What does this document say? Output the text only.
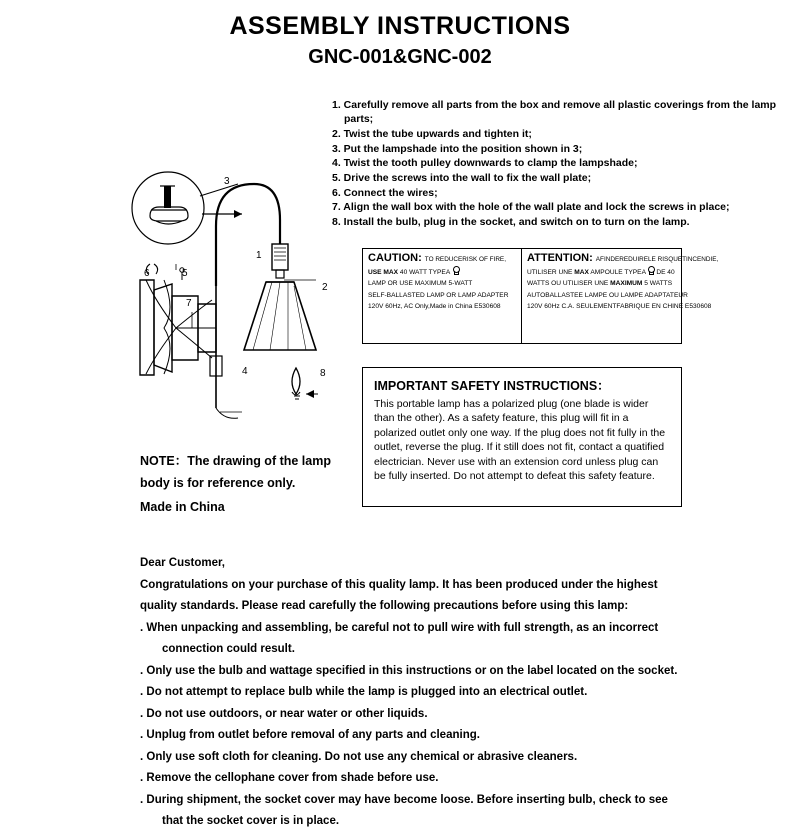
ASSEMBLY INSTRUCTIONS
GNC-001&GNC-002

1. Carefully remove all parts from the box and remove all plastic coverings from the lamp parts;

2. Twist the tube upwards and tighten it;

3. Put the lampshade into the position shown in 3;

4. Twist the tooth pulley downwards to clamp the lampshade;

5. Drive the screws into the wall to fix the wall plate;

6. Connect the wires;

7. Align the wall box with the hole of the wall plate and lock the screws in place;

8. Install the bulb, plug in the socket, and switch on to turn on the lamp.

1
2
3
4
5
6
7
8
NOTE：The drawing of the lamp body is for reference only.
Made in China
CAUTION: TO REDUCERISK OF FIRE,
USE MAX 40 WATT TYPEA
LAMP OR USE MAXIMUM 5-WATT
SELF-BALLASTED LAMP OR LAMP ADAPTER
120V 60Hz, AC Only,Made in China E530608
ATTENTION: AFINDEREDUIRELE RISQUETINCENDIE,
UTILISER UNE MAX AMPOULE TYPEA DE 40
WATTS OU UTILISER UNE MAXIMUM 5 WATTS
AUTOBALLASTEE LAMPE OU LAMPE ADAPTATEUR
120V 60Hz C.A. SEULEMENTFABRIQUE EN CHINE E530608
IMPORTANT SAFETY INSTRUCTIONS：
This portable lamp has a polarized plug (one blade is wider than the other). As a safety feature, this plug will fit in a polarized outlet only one way. If the plug does not fit fully in the outlet, reverse the plug. If it still does not fit, contact a quatified electrician. Never use with an extension cord unless plug can be fully inserted. Do not attempt to defeat this safety feature.

Dear Customer,

Congratulations on your purchase of this quality lamp. It has been produced under the highest

quality standards. Please read carefully the following precautions before using this lamp:

. When unpacking and assembling, be careful not to pull wire with full strength, as an incorrect

connection could result.

. Only use the bulb and wattage specified in this instructions or on the label located on the socket.

. Do not attempt to replace bulb while the lamp is plugged into an electrical outlet.

. Do not use outdoors, or near water or other liquids.

. Unplug from outlet before removal of any parts and cleaning.

. Only use soft cloth for cleaning. Do not use any chemical or abrasive cleaners.

. Remove the cellophane cover from shade before use.

. During shipment, the socket cover may have become loose. Before inserting bulb, check to see

that the socket cover is in place.
